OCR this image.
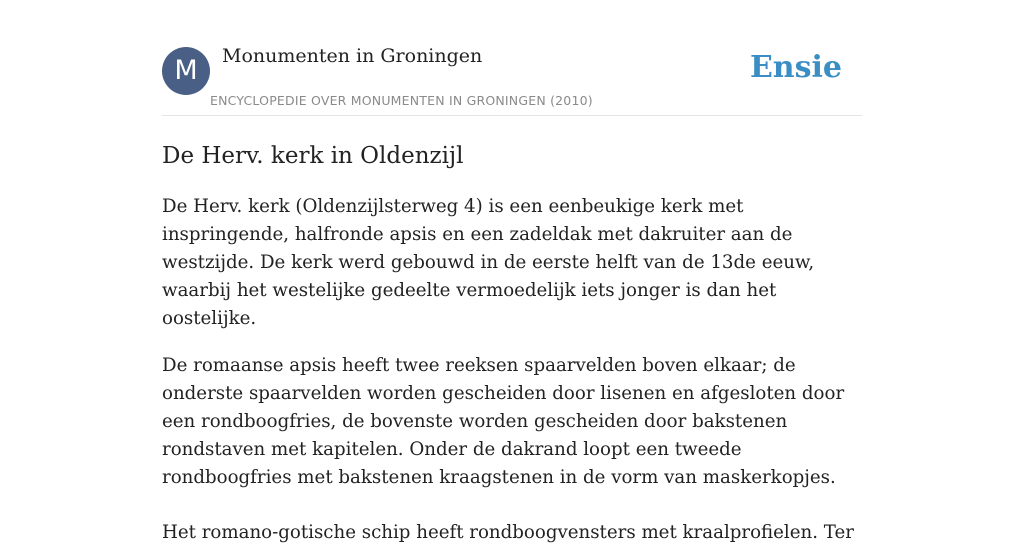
M	Monumenten in Groningen
ENCYCLOPEDIE OVER MONUMENTEN IN GRONINGEN (2010)
Ensie
De Herv. kerk in Oldenzijl

De Herv. kerk (Oldenzijlsterweg 4) is een eenbeukige kerk met inspringende, halfronde apsis en een zadeldak met dakruiter aan de westzijde. De kerk werd gebouwd in de eerste helft van de 13de eeuw, waarbij het westelijke gedeelte vermoedelijk iets jonger is dan het oostelijke.

De romaanse apsis heeft twee reeksen spaarvelden boven elkaar; de onderste spaarvelden worden gescheiden door lisenen en afgesloten door een rondboogfries, de bovenste worden gescheiden door bakstenen rondstaven met kapitelen. Onder de dakrand loopt een tweede rondboogfries met bakstenen kraagstenen in de vorm van maskerkopjes.

Het romano-gotische schip heeft rondboogvensters met kraalprofielen. Ter
